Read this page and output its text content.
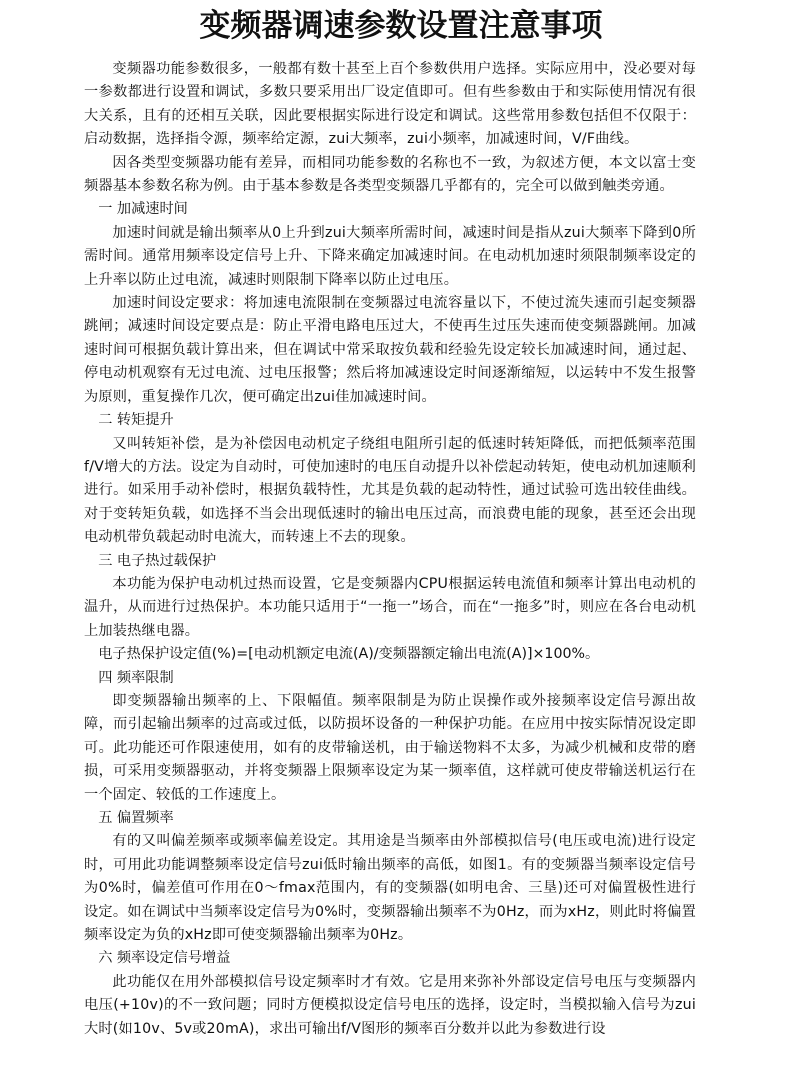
变频器调速参数设置注意事项

变频器功能参数很多，一般都有数十甚至上百个参数供用户选择。实际应用中，没必要对每一参数都进行设置和调试，多数只要采用出厂设定值即可。但有些参数由于和实际使用情况有很大关系，且有的还相互关联，因此要根据实际进行设定和调试。这些常用参数包括但不仅限于：启动数据，选择指令源，频率给定源，zui大频率，zui小频率，加减速时间，V/F曲线。

因各类型变频器功能有差异，而相同功能参数的名称也不一致，为叙述方便，本文以富士变频器基本参数名称为例。由于基本参数是各类型变频器几乎都有的，完全可以做到触类旁通。

一 加减速时间

加速时间就是输出频率从0上升到zui大频率所需时间，减速时间是指从zui大频率下降到0所需时间。通常用频率设定信号上升、下降来确定加减速时间。在电动机加速时须限制频率设定的上升率以防止过电流，减速时则限制下降率以防止过电压。

加速时间设定要求：将加速电流限制在变频器过电流容量以下，不使过流失速而引起变频器跳闸；减速时间设定要点是：防止平滑电路电压过大，不使再生过压失速而使变频器跳闸。加减速时间可根据负载计算出来，但在调试中常采取按负载和经验先设定较长加减速时间，通过起、停电动机观察有无过电流、过电压报警；然后将加减速设定时间逐渐缩短，以运转中不发生报警为原则，重复操作几次，便可确定出zui佳加减速时间。

二 转矩提升

又叫转矩补偿，是为补偿因电动机定子绕组电阻所引起的低速时转矩降低，而把低频率范围f/V增大的方法。设定为自动时，可使加速时的电压自动提升以补偿起动转矩，使电动机加速顺利进行。如采用手动补偿时，根据负载特性，尤其是负载的起动特性，通过试验可选出较佳曲线。对于变转矩负载，如选择不当会出现低速时的输出电压过高，而浪费电能的现象，甚至还会出现电动机带负载起动时电流大，而转速上不去的现象。

三 电子热过载保护

本功能为保护电动机过热而设置，它是变频器内CPU根据运转电流值和频率计算出电动机的温升，从而进行过热保护。本功能只适用于“一拖一”场合，而在“一拖多”时，则应在各台电动机上加装热继电器。

电子热保护设定值(%)=[电动机额定电流(A)/变频器额定输出电流(A)]×100%。

四 频率限制

即变频器输出频率的上、下限幅值。频率限制是为防止误操作或外接频率设定信号源出故障，而引起输出频率的过高或过低，以防损坏设备的一种保护功能。在应用中按实际情况设定即可。此功能还可作限速使用，如有的皮带输送机，由于输送物料不太多，为减少机械和皮带的磨损，可采用变频器驱动，并将变频器上限频率设定为某一频率值，这样就可使皮带输送机运行在一个固定、较低的工作速度上。

五 偏置频率

有的又叫偏差频率或频率偏差设定。其用途是当频率由外部模拟信号(电压或电流)进行设定时，可用此功能调整频率设定信号zui低时输出频率的高低，如图1。有的变频器当频率设定信号为0%时，偏差值可作用在0～fmax范围内，有的变频器(如明电舍、三垦)还可对偏置极性进行设定。如在调试中当频率设定信号为0%时，变频器输出频率不为0Hz，而为xHz，则此时将偏置频率设定为负的xHz即可使变频器输出频率为0Hz。

六 频率设定信号增益

此功能仅在用外部模拟信号设定频率时才有效。它是用来弥补外部设定信号电压与变频器内电压(+10v)的不一致问题；同时方便模拟设定信号电压的选择，设定时，当模拟输入信号为zui大时(如10v、5v或20mA)，求出可输出f/V图形的频率百分数并以此为参数进行设
